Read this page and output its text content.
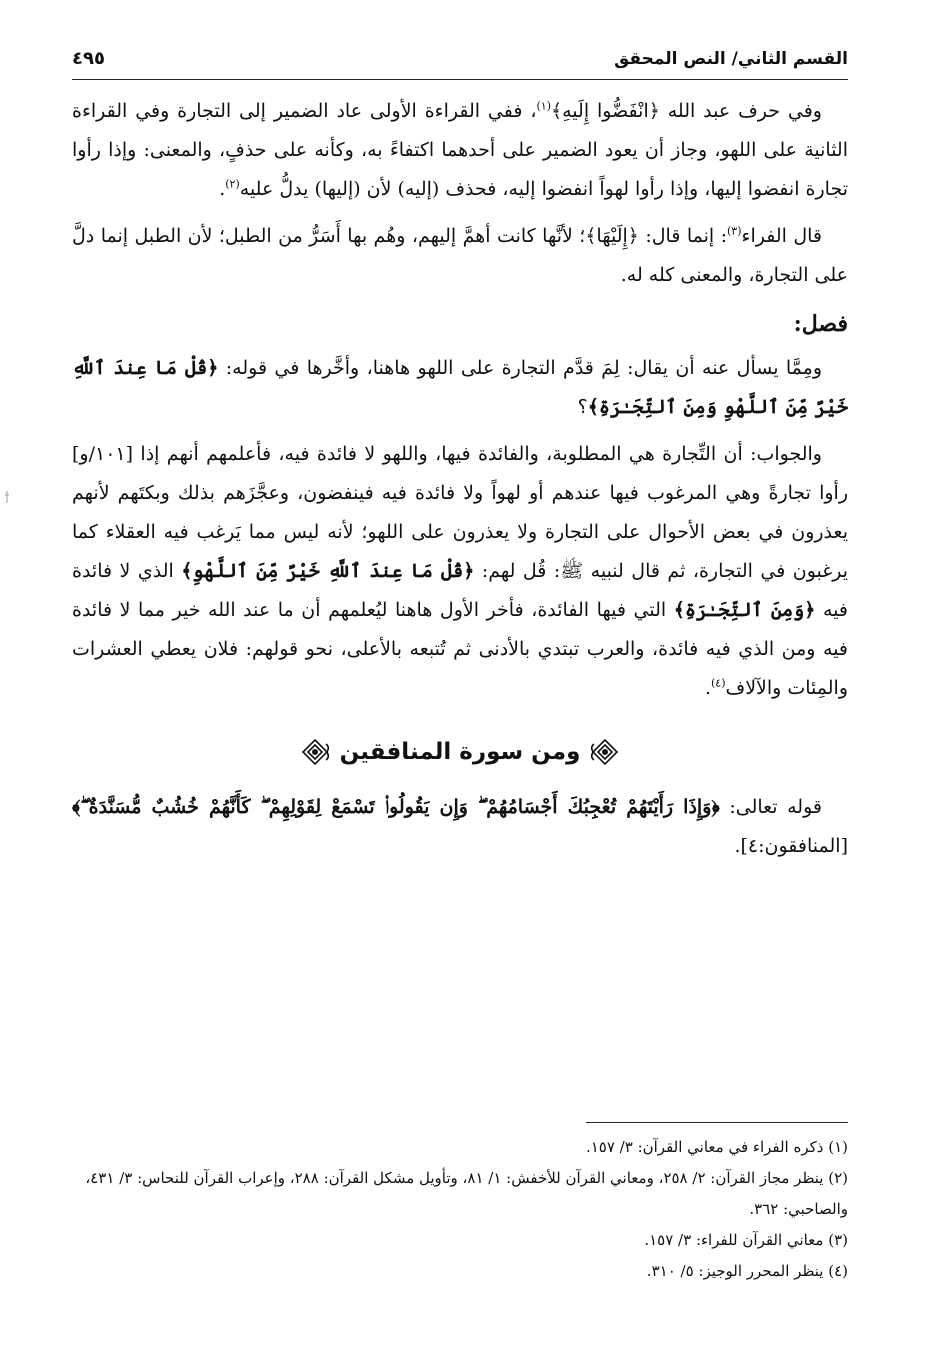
القسم الثاني/ النص المحقق
٤٩٥

وفي حرف عبد الله ﴿انْفَضُّوا إِلَيهِ﴾$^{(١)}$، ففي القراءة الأولى عاد الضمير إلى التجارة وفي القراءة الثانية على اللهو، وجاز أن يعود الضمير على أحدهما اكتفاءً به، وكأنه على حذفٍ، والمعنى: وإذا رأوا تجارة انفضوا إليها، وإذا رأوا لهواً انفضوا إليه، فحذف (إليه) لأن (إليها) يدلُّ عليه$^{(٢)}$.

قال الفراء$^{(٣)}$: إنما قال: ﴿إِلَيْهَا﴾؛ لأنَّها كانت أهمَّ إليهم، وهُم بها أَسَرُّ من الطبل؛ لأن الطبل إنما دلَّ على التجارة، والمعنى كله له.

فصل:

ومِمَّا يسأل عنه أن يقال: لِمَ قدَّم التجارة على اللهو هاهنا، وأخَّرها في قوله: ﴿قُلْ مَا عِندَ ٱللَّهِ خَيْرٌ مِّنَ ٱللَّهْوِ وَمِنَ ٱلتِّجَـٰرَةِ﴾؟

والجواب: أن التِّجارة هي المطلوبة، والفائدة فيها، واللهو لا فائدة فيه، فأعلمهم أنهم إذا [١٠١/و] رأوا تجارةً وهي المرغوب فيها عندهم أو لهواً ولا فائدة فيه فينفضون، وعجَّزَهم بذلك وبكتَهم لأنهم يعذرون في بعض الأحوال على التجارة ولا يعذرون على اللهو؛ لأنه ليس مما يَرغب فيه العقلاء كما يرغبون في التجارة، ثم قال لنبيه ﷺ: قُل لهم: ﴿قُلْ مَا عِندَ ٱللَّهِ خَيْرٌ مِّنَ ٱللَّهْوِ﴾ الذي لا فائدة فيه ﴿وَمِنَ ٱلتِّجَـٰرَةِ﴾ التي فيها الفائدة، فأخر الأول هاهنا ليُعلمهم أن ما عند الله خير مما لا فائدة فيه ومن الذي فيه فائدة، والعرب تبتدي بالأدنى ثم تُتبعه بالأعلى، نحو قولهم: فلان يعطي العشرات والمِئات والآلاف$^{(٤)}$.

ومن سورة المنافقين

قوله تعالى: ﴿وَإِذَا رَأَيْتَهُمْ تُعْجِبُكَ أَجْسَامُهُمْ ۖ وَإِن يَقُولُوا۟ تَسْمَعْ لِقَوْلِهِمْ ۖ كَأَنَّهُمْ خُشُبٌ مُّسَنَّدَةٌ ۖ﴾ [المنافقون:٤].

(١) ذكره الفراء في معاني القرآن: ٣/ ١٥٧.

(٢) ينظر مجاز القرآن: ٢/ ٢٥٨، ومعاني القرآن للأخفش: ١/ ٨١، وتأويل مشكل القرآن: ٢٨٨، وإعراب القرآن للنحاس: ٣/ ٤٣١، والصاحبي: ٣٦٢.

(٣) معاني القرآن للفراء: ٣/ ١٥٧.

(٤) ينظر المحرر الوجيز: ٥/ ٣١٠.
